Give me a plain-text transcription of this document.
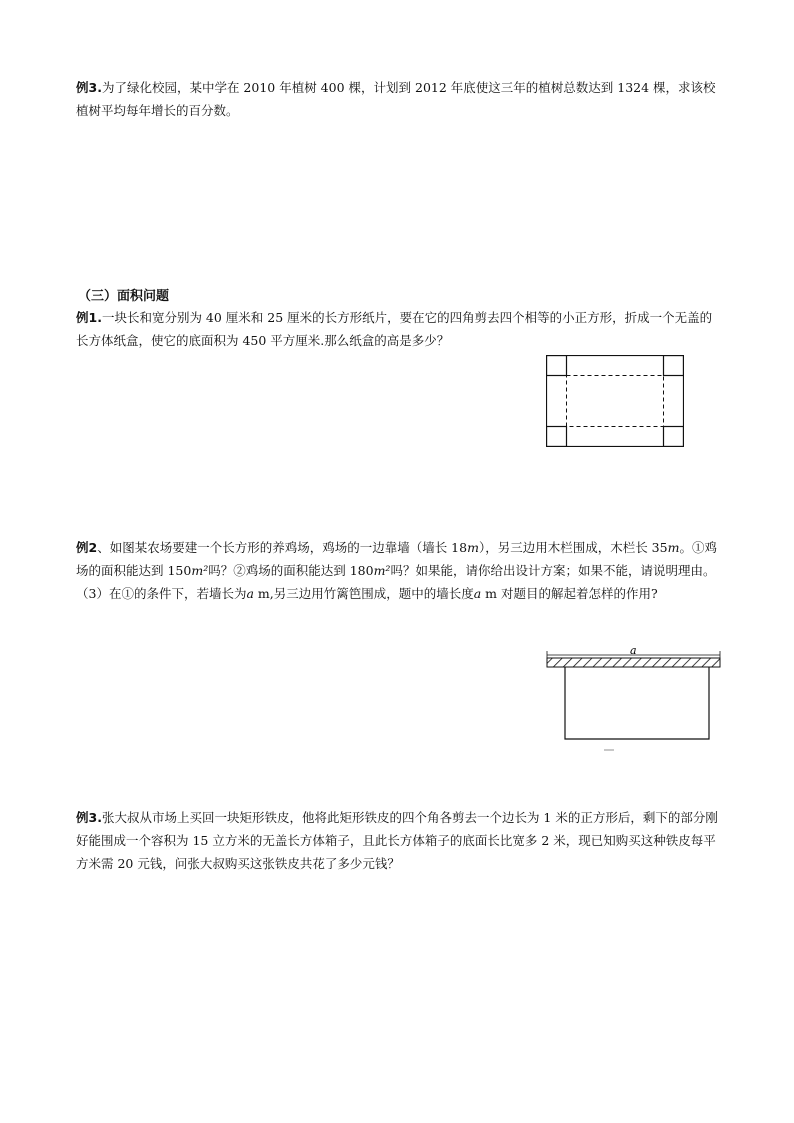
例3.为了绿化校园，某中学在 2010 年植树 400 棵，计划到 2012 年底使这三年的植树总数达到 1324 棵，求该校植树平均每年增长的百分数。

（三）面积问题

例1.一块长和宽分别为 40 厘米和 25 厘米的长方形纸片，要在它的四角剪去四个相等的小正方形，折成一个无盖的长方体纸盒，使它的底面积为 450 平方厘米.那么纸盒的高是多少？

例2、如图某农场要建一个长方形的养鸡场，鸡场的一边靠墙（墙长 18m），另三边用木栏围成，木栏长 35m。①鸡场的面积能达到 150m²吗？②鸡场的面积能达到 180m²吗？如果能，请你给出设计方案；如果不能，请说明理由。（3）在①的条件下，若墙长为a m,另三边用竹篱笆围成，题中的墙长度a m 对题目的解起着怎样的作用?

a

例3.张大叔从市场上买回一块矩形铁皮，他将此矩形铁皮的四个角各剪去一个边长为 1 米的正方形后，剩下的部分刚好能围成一个容积为 15 立方米的无盖长方体箱子，且此长方体箱子的底面长比宽多 2 米，现已知购买这种铁皮每平方米需 20 元钱，问张大叔购买这张铁皮共花了多少元钱？
